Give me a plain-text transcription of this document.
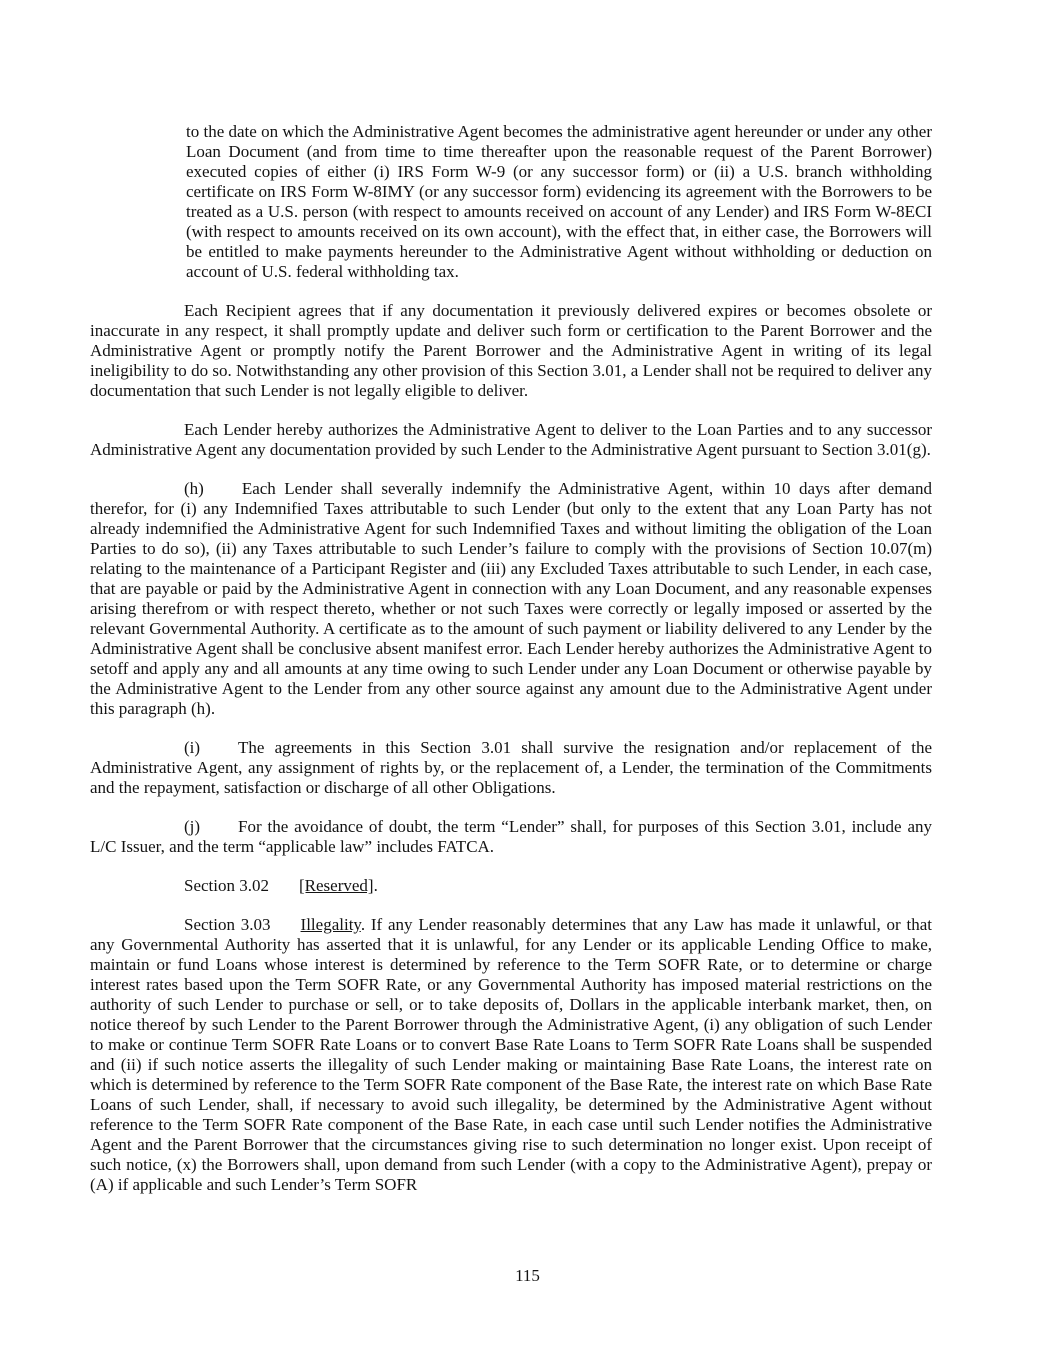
to the date on which the Administrative Agent becomes the administrative agent hereunder or under any other Loan Document (and from time to time thereafter upon the reasonable request of the Parent Borrower) executed copies of either (i) IRS Form W-9 (or any successor form) or (ii) a U.S. branch withholding certificate on IRS Form W-8IMY (or any successor form) evidencing its agreement with the Borrowers to be treated as a U.S. person (with respect to amounts received on account of any Lender) and IRS Form W-8ECI (with respect to amounts received on its own account), with the effect that, in either case, the Borrowers will be entitled to make payments hereunder to the Administrative Agent without withholding or deduction on account of U.S. federal withholding tax.

Each Recipient agrees that if any documentation it previously delivered expires or becomes obsolete or inaccurate in any respect, it shall promptly update and deliver such form or certification to the Parent Borrower and the Administrative Agent or promptly notify the Parent Borrower and the Administrative Agent in writing of its legal ineligibility to do so. Notwithstanding any other provision of this Section 3.01, a Lender shall not be required to deliver any documentation that such Lender is not legally eligible to deliver.

Each Lender hereby authorizes the Administrative Agent to deliver to the Loan Parties and to any successor Administrative Agent any documentation provided by such Lender to the Administrative Agent pursuant to Section 3.01(g).

(h) Each Lender shall severally indemnify the Administrative Agent, within 10 days after demand therefor, for (i) any Indemnified Taxes attributable to such Lender (but only to the extent that any Loan Party has not already indemnified the Administrative Agent for such Indemnified Taxes and without limiting the obligation of the Loan Parties to do so), (ii) any Taxes attributable to such Lender’s failure to comply with the provisions of Section 10.07(m) relating to the maintenance of a Participant Register and (iii) any Excluded Taxes attributable to such Lender, in each case, that are payable or paid by the Administrative Agent in connection with any Loan Document, and any reasonable expenses arising therefrom or with respect thereto, whether or not such Taxes were correctly or legally imposed or asserted by the relevant Governmental Authority. A certificate as to the amount of such payment or liability delivered to any Lender by the Administrative Agent shall be conclusive absent manifest error. Each Lender hereby authorizes the Administrative Agent to setoff and apply any and all amounts at any time owing to such Lender under any Loan Document or otherwise payable by the Administrative Agent to the Lender from any other source against any amount due to the Administrative Agent under this paragraph (h).

(i) The agreements in this Section 3.01 shall survive the resignation and/or replacement of the Administrative Agent, any assignment of rights by, or the replacement of, a Lender, the termination of the Commitments and the repayment, satisfaction or discharge of all other Obligations.

(j) For the avoidance of doubt, the term “Lender” shall, for purposes of this Section 3.01, include any L/C Issuer, and the term “applicable law” includes FATCA.

Section 3.02 [Reserved].

Section 3.03 Illegality. If any Lender reasonably determines that any Law has made it unlawful, or that any Governmental Authority has asserted that it is unlawful, for any Lender or its applicable Lending Office to make, maintain or fund Loans whose interest is determined by reference to the Term SOFR Rate, or to determine or charge interest rates based upon the Term SOFR Rate, or any Governmental Authority has imposed material restrictions on the authority of such Lender to purchase or sell, or to take deposits of, Dollars in the applicable interbank market, then, on notice thereof by such Lender to the Parent Borrower through the Administrative Agent, (i) any obligation of such Lender to make or continue Term SOFR Rate Loans or to convert Base Rate Loans to Term SOFR Rate Loans shall be suspended and (ii) if such notice asserts the illegality of such Lender making or maintaining Base Rate Loans, the interest rate on which is determined by reference to the Term SOFR Rate component of the Base Rate, the interest rate on which Base Rate Loans of such Lender, shall, if necessary to avoid such illegality, be determined by the Administrative Agent without reference to the Term SOFR Rate component of the Base Rate, in each case until such Lender notifies the Administrative Agent and the Parent Borrower that the circumstances giving rise to such determination no longer exist. Upon receipt of such notice, (x) the Borrowers shall, upon demand from such Lender (with a copy to the Administrative Agent), prepay or (A) if applicable and such Lender’s Term SOFR

115
